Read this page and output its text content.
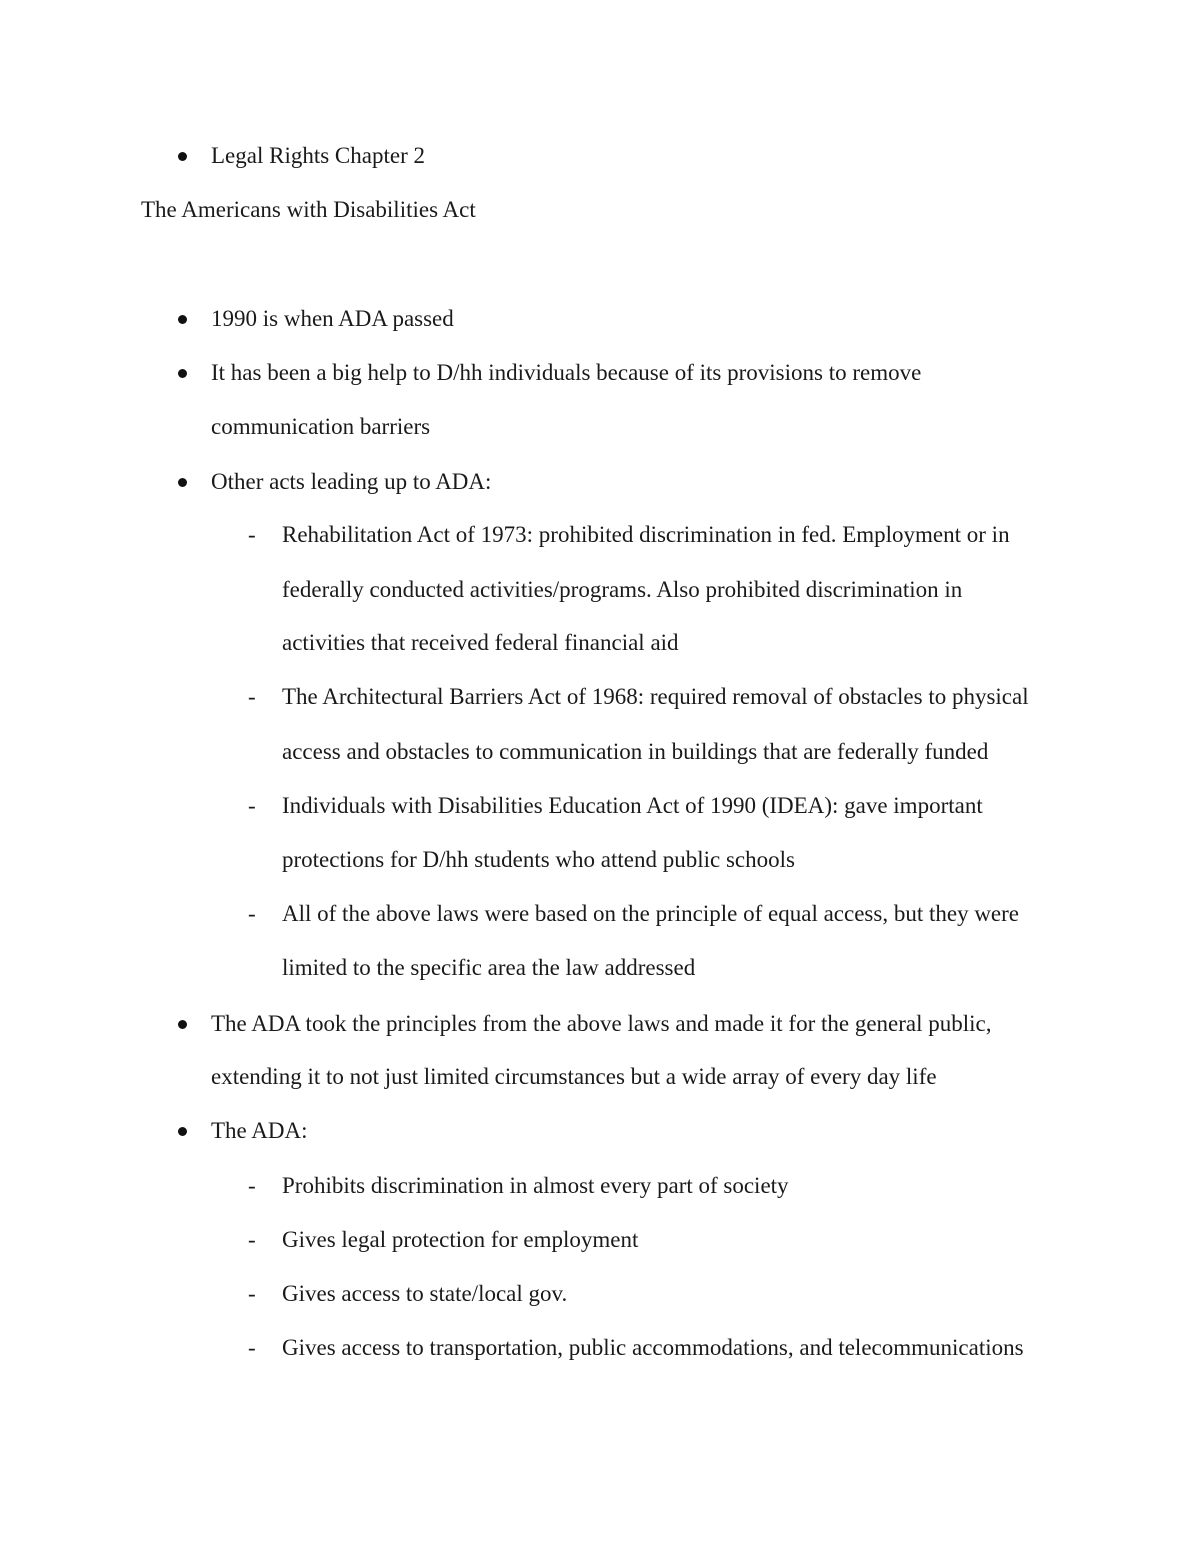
Legal Rights Chapter 2
The Americans with Disabilities Act
1990 is when ADA passed
It has been a big help to D/hh individuals because of its provisions to remove
communication barriers
Other acts leading up to ADA:
- Rehabilitation Act of 1973: prohibited discrimination in fed. Employment or in
federally conducted activities/programs. Also prohibited discrimination in
activities that received federal financial aid
- The Architectural Barriers Act of 1968: required removal of obstacles to physical
access and obstacles to communication in buildings that are federally funded
- Individuals with Disabilities Education Act of 1990 (IDEA): gave important
protections for D/hh students who attend public schools
- All of the above laws were based on the principle of equal access, but they were
limited to the specific area the law addressed
The ADA took the principles from the above laws and made it for the general public,
extending it to not just limited circumstances but a wide array of every day life
The ADA:
- Prohibits discrimination in almost every part of society
- Gives legal protection for employment
- Gives access to state/local gov.
- Gives access to transportation, public accommodations, and telecommunications
